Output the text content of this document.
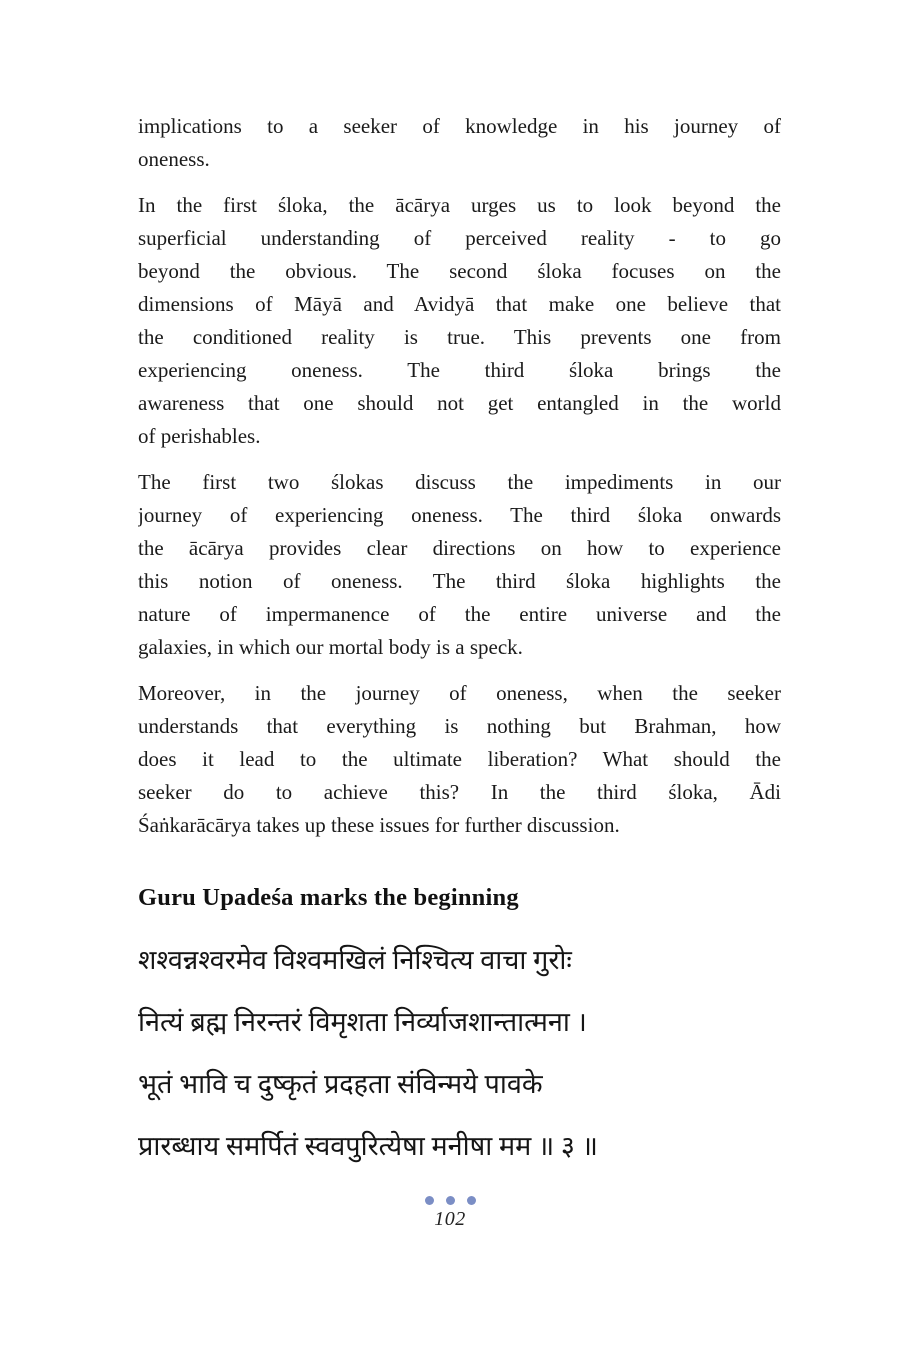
implications to a seeker of knowledge in his journey of
oneness.
In the first śloka, the ācārya urges us to look beyond the
superficial understanding of perceived reality - to go
beyond the obvious. The second śloka focuses on the
dimensions of Māyā and Avidyā that make one believe that
the conditioned reality is true. This prevents one from
experiencing oneness. The third śloka brings the
awareness that one should not get entangled in the world
of perishables.
The first two ślokas discuss the impediments in our
journey of experiencing oneness. The third śloka onwards
the ācārya provides clear directions on how to experience
this notion of oneness. The third śloka highlights the
nature of impermanence of the entire universe and the
galaxies, in which our mortal body is a speck.
Moreover, in the journey of oneness, when the seeker
understands that everything is nothing but Brahman, how
does it lead to the ultimate liberation? What should the
seeker do to achieve this? In the third śloka, Ādi
Śaṅkarācārya takes up these issues for further discussion.
Guru Upadeśa marks the beginning
शश्वन्नश्वरमेव विश्वमखिलं निश्चित्य वाचा गुरोः
नित्यं ब्रह्म निरन्तरं विमृशता निर्व्याजशान्तात्मना ।
भूतं भावि च दुष्कृतं प्रदहता संविन्मये पावके
प्रारब्धाय समर्पितं स्ववपुरित्येषा मनीषा मम ॥ ३ ॥
102
